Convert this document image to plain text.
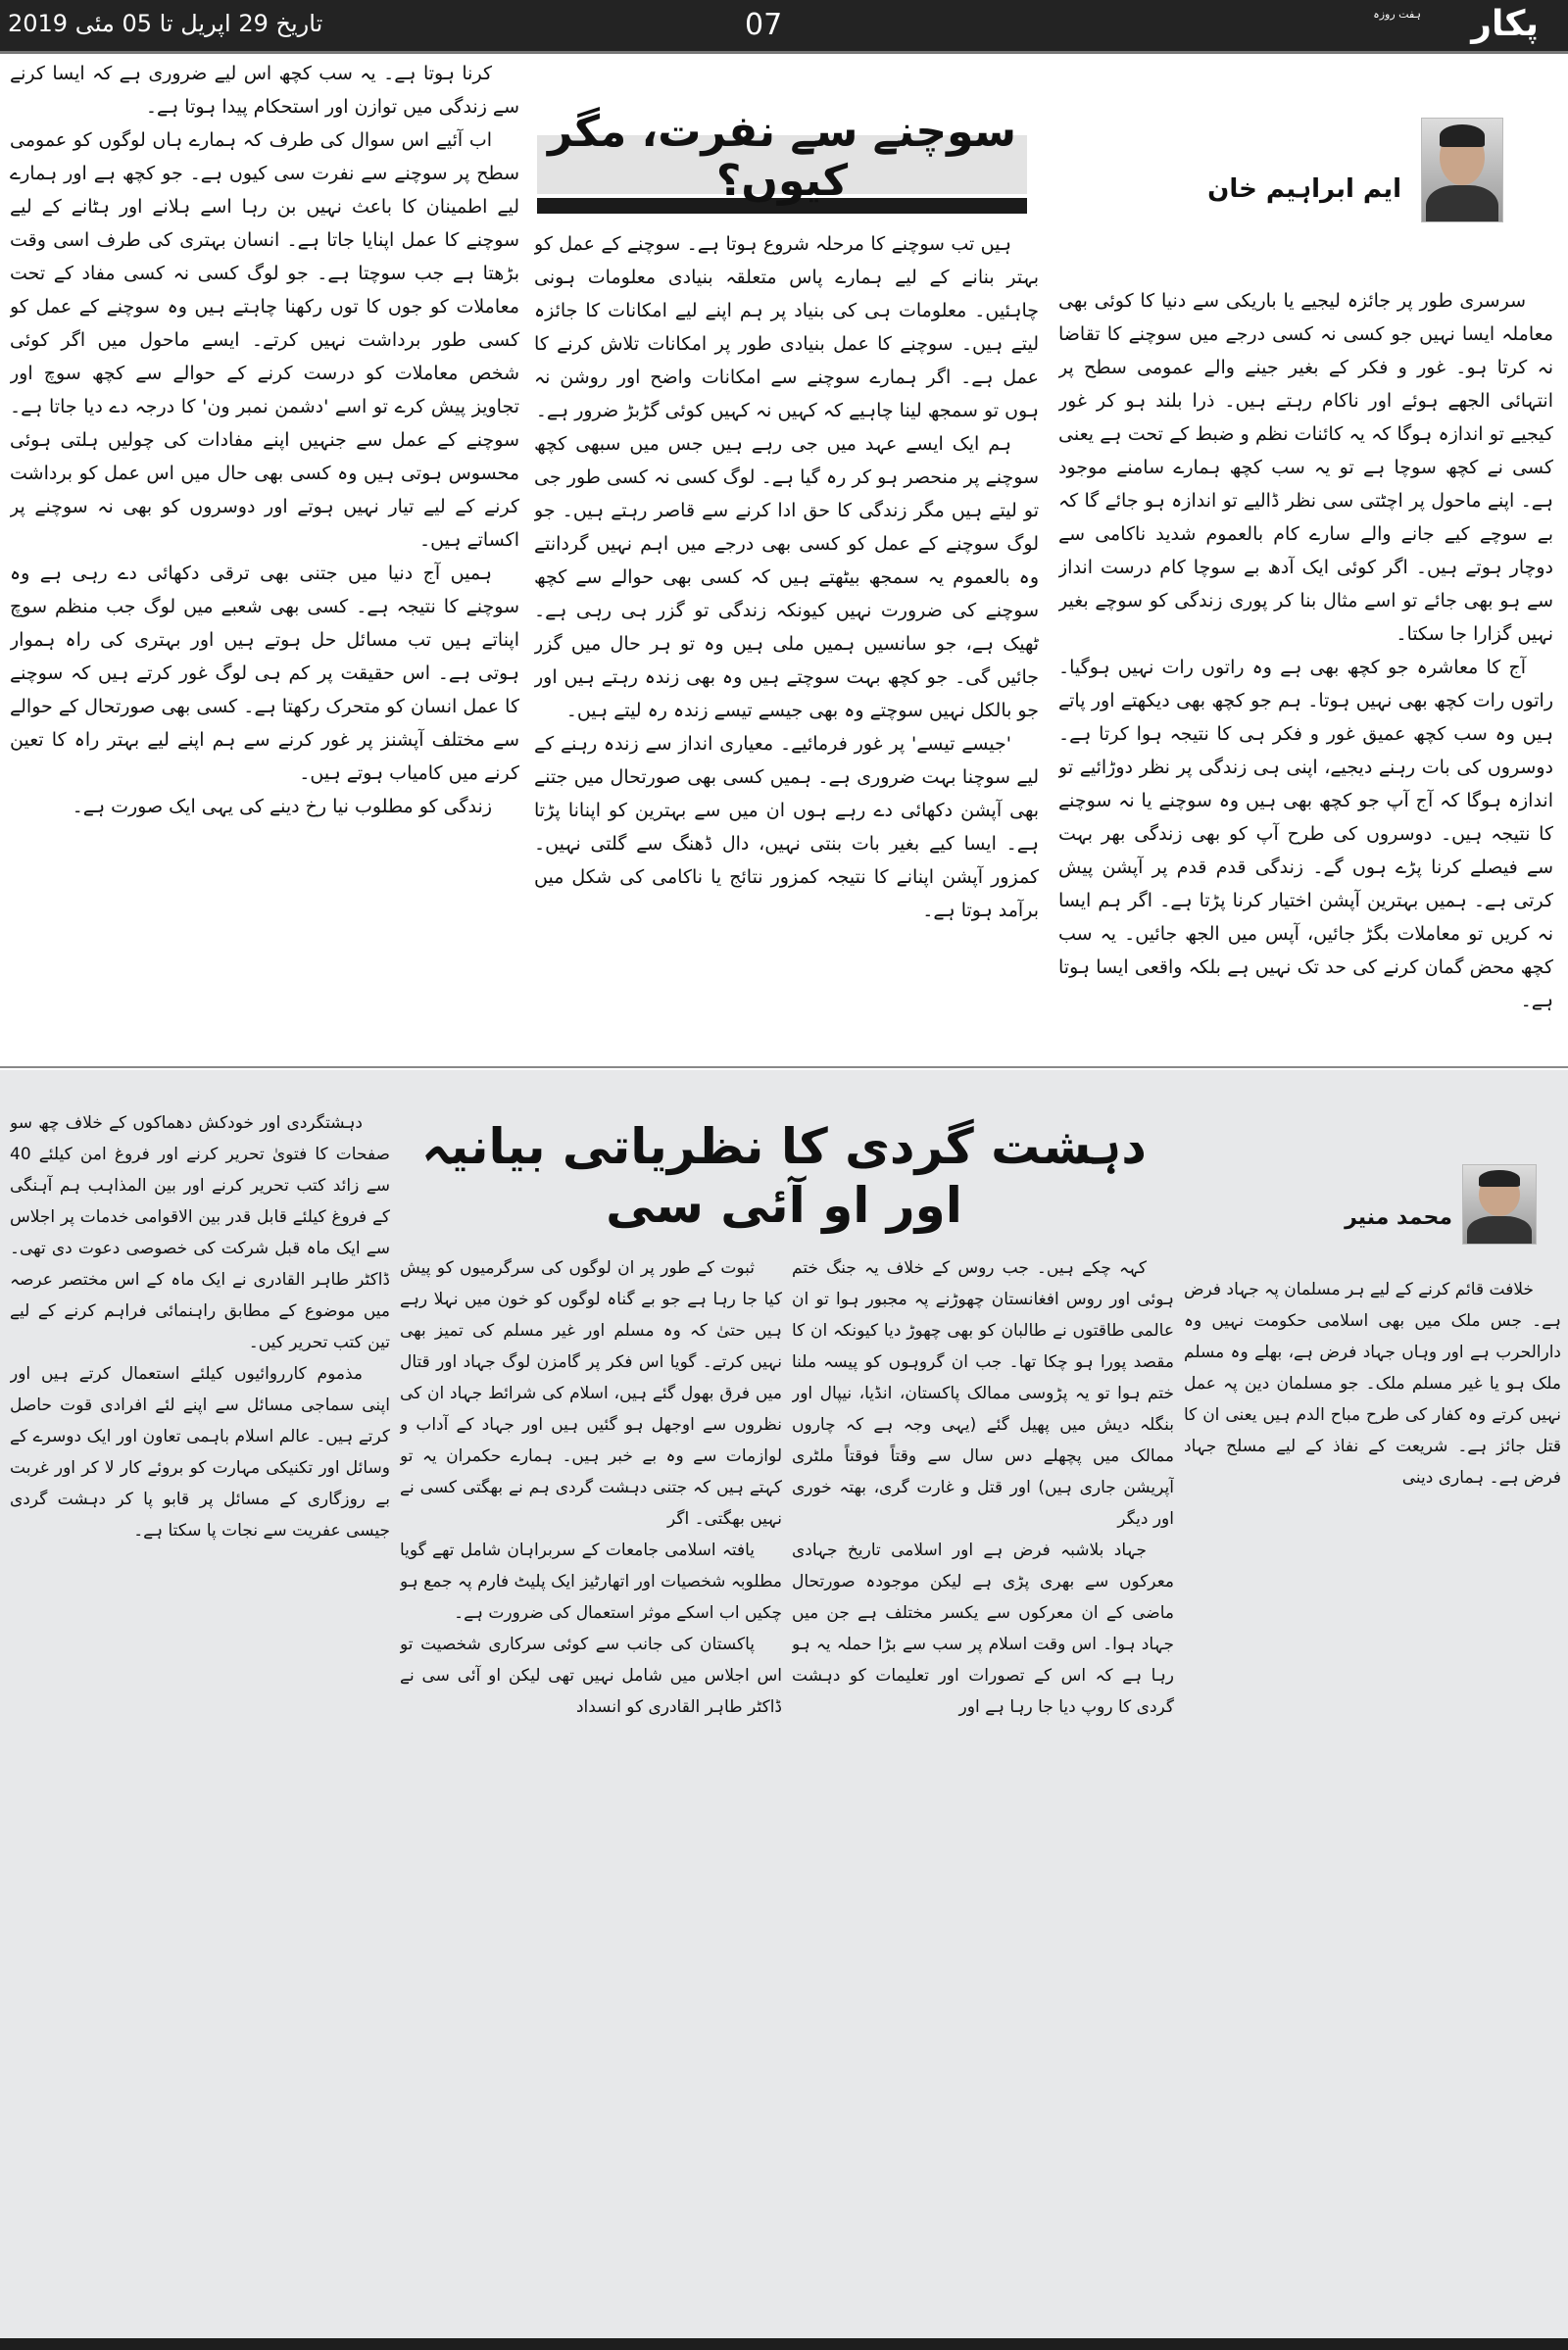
پکار
ہفت روزہ
07
تاریخ 29 اپریل تا 05 مئی 2019
سوچنے سے نفرت، مگر کیوں؟	ایم ابراہیم خان

سرسری طور پر جائزہ لیجیے یا باریکی سے دنیا کا کوئی بھی معاملہ ایسا نہیں جو کسی نہ کسی درجے میں سوچنے کا تقاضا نہ کرتا ہو۔ غور و فکر کے بغیر جینے والے عمومی سطح پر انتہائی الجھے ہوئے اور ناکام رہتے ہیں۔ ذرا بلند ہو کر غور کیجیے تو اندازہ ہوگا کہ یہ کائنات نظم و ضبط کے تحت ہے یعنی کسی نے کچھ سوچا ہے تو یہ سب کچھ ہمارے سامنے موجود ہے۔ اپنے ماحول پر اچٹتی سی نظر ڈالیے تو اندازہ ہو جائے گا کہ بے سوچے کیے جانے والے سارے کام بالعموم شدید ناکامی سے دوچار ہوتے ہیں۔ اگر کوئی ایک آدھ بے سوچا کام درست انداز سے ہو بھی جائے تو اسے مثال بنا کر پوری زندگی کو سوچے بغیر نہیں گزارا جا سکتا۔

آج کا معاشرہ جو کچھ بھی ہے وہ راتوں رات نہیں ہوگیا۔ راتوں رات کچھ بھی نہیں ہوتا۔ ہم جو کچھ بھی دیکھتے اور پاتے ہیں وہ سب کچھ عمیق غور و فکر ہی کا نتیجہ ہوا کرتا ہے۔ دوسروں کی بات رہنے دیجیے، اپنی ہی زندگی پر نظر دوڑائیے تو اندازہ ہوگا کہ آج آپ جو کچھ بھی ہیں وہ سوچنے یا نہ سوچنے کا نتیجہ ہیں۔ دوسروں کی طرح آپ کو بھی زندگی بھر بہت سے فیصلے کرنا پڑے ہوں گے۔ زندگی قدم قدم پر آپشن پیش کرتی ہے۔ ہمیں بہترین آپشن اختیار کرنا پڑتا ہے۔ اگر ہم ایسا نہ کریں تو معاملات بگڑ جائیں، آپس میں الجھ جائیں۔ یہ سب کچھ محض گمان کرنے کی حد تک نہیں ہے بلکہ واقعی ایسا ہوتا ہے۔

ہیں تب سوچنے کا مرحلہ شروع ہوتا ہے۔ سوچنے کے عمل کو بہتر بنانے کے لیے ہمارے پاس متعلقہ بنیادی معلومات ہونی چاہئیں۔ معلومات ہی کی بنیاد پر ہم اپنے لیے امکانات کا جائزہ لیتے ہیں۔ سوچنے کا عمل بنیادی طور پر امکانات تلاش کرنے کا عمل ہے۔ اگر ہمارے سوچنے سے امکانات واضح اور روشن نہ ہوں تو سمجھ لینا چاہیے کہ کہیں نہ کہیں کوئی گڑبڑ ضرور ہے۔

ہم ایک ایسے عہد میں جی رہے ہیں جس میں سبھی کچھ سوچنے پر منحصر ہو کر رہ گیا ہے۔ لوگ کسی نہ کسی طور جی تو لیتے ہیں مگر زندگی کا حق ادا کرنے سے قاصر رہتے ہیں۔ جو لوگ سوچنے کے عمل کو کسی بھی درجے میں اہم نہیں گردانتے وہ بالعموم یہ سمجھ بیٹھتے ہیں کہ کسی بھی حوالے سے کچھ سوچنے کی ضرورت نہیں کیونکہ زندگی تو گزر ہی رہی ہے۔ ٹھیک ہے، جو سانسیں ہمیں ملی ہیں وہ تو ہر حال میں گزر جائیں گی۔ جو کچھ بہت سوچتے ہیں وہ بھی زندہ رہتے ہیں اور جو بالکل نہیں سوچتے وہ بھی جیسے تیسے زندہ رہ لیتے ہیں۔

'جیسے تیسے' پر غور فرمائیے۔ معیاری انداز سے زندہ رہنے کے لیے سوچنا بہت ضروری ہے۔ ہمیں کسی بھی صورتحال میں جتنے بھی آپشن دکھائی دے رہے ہوں ان میں سے بہترین کو اپنانا پڑتا ہے۔ ایسا کیے بغیر بات بنتی نہیں، دال ڈھنگ سے گلتی نہیں۔ کمزور آپشن اپنانے کا نتیجہ کمزور نتائج یا ناکامی کی شکل میں برآمد ہوتا ہے۔

کرنا ہوتا ہے۔ یہ سب کچھ اس لیے ضروری ہے کہ ایسا کرنے سے زندگی میں توازن اور استحکام پیدا ہوتا ہے۔

اب آئیے اس سوال کی طرف کہ ہمارے ہاں لوگوں کو عمومی سطح پر سوچنے سے نفرت سی کیوں ہے۔ جو کچھ ہے اور ہمارے لیے اطمینان کا باعث نہیں بن رہا اسے ہلانے اور ہٹانے کے لیے سوچنے کا عمل اپنایا جاتا ہے۔ انسان بہتری کی طرف اسی وقت بڑھتا ہے جب سوچتا ہے۔ جو لوگ کسی نہ کسی مفاد کے تحت معاملات کو جوں کا توں رکھنا چاہتے ہیں وہ سوچنے کے عمل کو کسی طور برداشت نہیں کرتے۔ ایسے ماحول میں اگر کوئی شخص معاملات کو درست کرنے کے حوالے سے کچھ سوچ اور تجاویز پیش کرے تو اسے 'دشمن نمبر ون' کا درجہ دے دیا جاتا ہے۔ سوچنے کے عمل سے جنہیں اپنے مفادات کی چولیں ہلتی ہوئی محسوس ہوتی ہیں وہ کسی بھی حال میں اس عمل کو برداشت کرنے کے لیے تیار نہیں ہوتے اور دوسروں کو بھی نہ سوچنے پر اکساتے ہیں۔

ہمیں آج دنیا میں جتنی بھی ترقی دکھائی دے رہی ہے وہ سوچنے کا نتیجہ ہے۔ کسی بھی شعبے میں لوگ جب منظم سوچ اپناتے ہیں تب مسائل حل ہوتے ہیں اور بہتری کی راہ ہموار ہوتی ہے۔ اس حقیقت پر کم ہی لوگ غور کرتے ہیں کہ سوچنے کا عمل انسان کو متحرک رکھتا ہے۔ کسی بھی صورتحال کے حوالے سے مختلف آپشنز پر غور کرنے سے ہم اپنے لیے بہتر راہ کا تعین کرنے میں کامیاب ہوتے ہیں۔

زندگی کو مطلوب نیا رخ دینے کی یہی ایک صورت ہے۔

دہشت گردی کا نظریاتی بیانیہ اور او آئی سی	محمد منیر

خلافت قائم کرنے کے لیے ہر مسلمان پہ جہاد فرض ہے۔ جس ملک میں بھی اسلامی حکومت نہیں وہ دارالحرب ہے اور وہاں جہاد فرض ہے، بھلے وہ مسلم ملک ہو یا غیر مسلم ملک۔ جو مسلمان دین پہ عمل نہیں کرتے وہ کفار کی طرح مباح الدم ہیں یعنی ان کا قتل جائز ہے۔ شریعت کے نفاذ کے لیے مسلح جہاد فرض ہے۔ ہماری دینی

کہہ چکے ہیں۔ جب روس کے خلاف یہ جنگ ختم ہوئی اور روس افغانستان چھوڑنے پہ مجبور ہوا تو ان عالمی طاقتوں نے طالبان کو بھی چھوڑ دیا کیونکہ ان کا مقصد پورا ہو چکا تھا۔ جب ان گروہوں کو پیسہ ملنا ختم ہوا تو یہ پڑوسی ممالک پاکستان، انڈیا، نیپال اور بنگلہ دیش میں پھیل گئے (یہی وجہ ہے کہ چاروں ممالک میں پچھلے دس سال سے وقتاً فوقتاً ملٹری آپریشن جاری ہیں) اور قتل و غارت گری، بھتہ خوری اور دیگر

جہاد بلاشبہ فرض ہے اور اسلامی تاریخ جہادی معرکوں سے بھری پڑی ہے لیکن موجودہ صورتحال ماضی کے ان معرکوں سے یکسر مختلف ہے جن میں جہاد ہوا۔ اس وقت اسلام پر سب سے بڑا حملہ یہ ہو رہا ہے کہ اس کے تصورات اور تعلیمات کو دہشت گردی کا روپ دیا جا رہا ہے اور

ثبوت کے طور پر ان لوگوں کی سرگرمیوں کو پیش کیا جا رہا ہے جو بے گناہ لوگوں کو خون میں نہلا رہے ہیں حتیٰ کہ وہ مسلم اور غیر مسلم کی تمیز بھی نہیں کرتے۔ گویا اس فکر پر گامزن لوگ جہاد اور قتال میں فرق بھول گئے ہیں، اسلام کی شرائط جہاد ان کی نظروں سے اوجھل ہو گئیں ہیں اور جہاد کے آداب و لوازمات سے وہ بے خبر ہیں۔ ہمارے حکمران یہ تو کہتے ہیں کہ جتنی دہشت گردی ہم نے بھگتی کسی نے نہیں بھگتی۔ اگر

یافتہ اسلامی جامعات کے سربراہان شامل تھے گویا مطلوبہ شخصیات اور اتھارٹیز ایک پلیٹ فارم پہ جمع ہو چکیں اب اسکے موثر استعمال کی ضرورت ہے۔

پاکستان کی جانب سے کوئی سرکاری شخصیت تو اس اجلاس میں شامل نہیں تھی لیکن او آئی سی نے ڈاکٹر طاہر القادری کو انسداد

دہشتگردی اور خودکش دھماکوں کے خلاف چھ سو صفحات کا فتویٰ تحریر کرنے اور فروغ امن کیلئے 40 سے زائد کتب تحریر کرنے اور بین المذاہب ہم آہنگی کے فروغ کیلئے قابل قدر بین الاقوامی خدمات پر اجلاس سے ایک ماہ قبل شرکت کی خصوصی دعوت دی تھی۔ ڈاکٹر طاہر القادری نے ایک ماہ کے اس مختصر عرصہ میں موضوع کے مطابق راہنمائی فراہم کرنے کے لیے تین کتب تحریر کیں۔

مذموم کارروائیوں کیلئے استعمال کرتے ہیں اور اپنی سماجی مسائل سے اپنے لئے افرادی قوت حاصل کرتے ہیں۔ عالم اسلام باہمی تعاون اور ایک دوسرے کے وسائل اور تکنیکی مہارت کو بروئے کار لا کر اور غربت بے روزگاری کے مسائل پر قابو پا کر دہشت گردی جیسی عفریت سے نجات پا سکتا ہے۔
